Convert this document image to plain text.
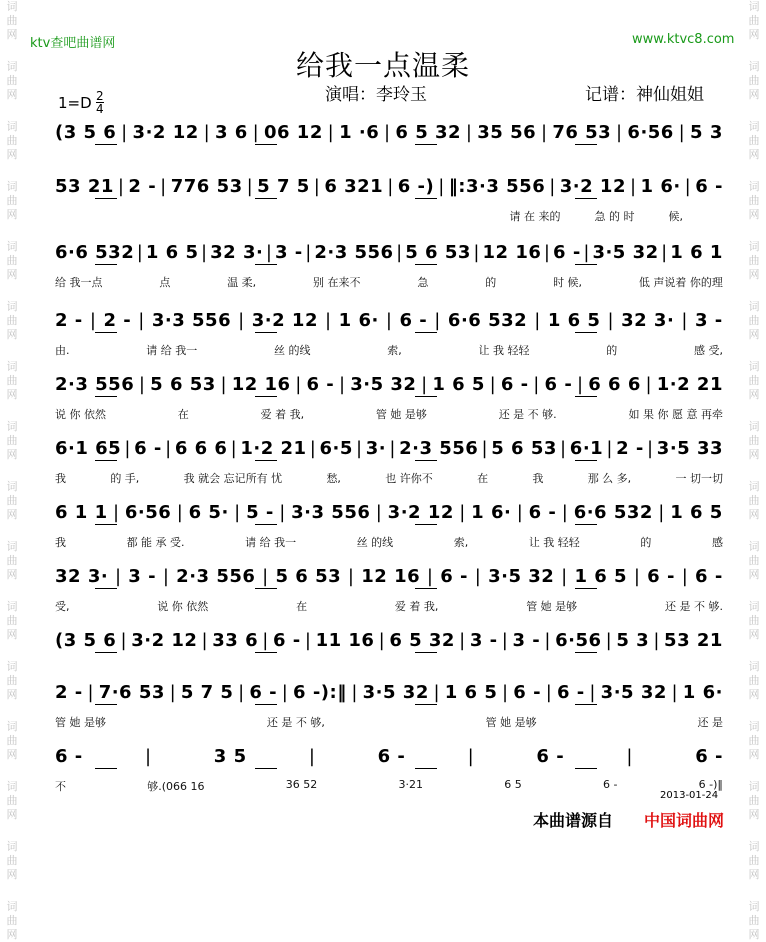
词
曲
网
词
曲
网
词
曲
网
词
曲
网
词
曲
网
词
曲
网
词
曲
网
词
曲
网
词
曲
网
词
曲
网
词
曲
网
词
曲
网
词
曲
网
词
曲
网
词
曲
网
词
曲
网
词
曲
网
词
曲
网
词
曲
网
词
曲
网
词
曲
网
词
曲
网
词
曲
网
词
曲
网
词
曲
网
词
曲
网
词
曲
网
词
曲
网
词
曲
网
词
曲
网
词
曲
网
词
曲
网
ktv查吧曲谱网	www.ktvc8.com
给我一点温柔
演唱：李玲玉	记谱：神仙姐姐
1=D 2
4
(3 5 6 | 3·2 12 | 3 6 | 06 12 | 1 ·6 | 6 5 32 | 35 56 | 76 53 | 6·56 | 5 3
53 21 | 2 - | 776 53 | 5 7 5 | 6 321 | 6 -) | ‖:3·3 556 | 3·2 12 | 1 6· | 6 -
请 在 来的	急 的 时	候,
6·6 532 | 1 6 5 | 32 3· | 3 - | 2·3 556 | 5 6 53 | 12 16 | 6 - | 3·5 32 | 1 6 1
给 我一点	点	温 柔,	别 在来不	急	的	时 候,	低 声说着 你的理
2 - | 2 - | 3·3 556 | 3·2 12 | 1 6· | 6 - | 6·6 532 | 1 6 5 | 32 3· | 3 -
由.	请 给 我一	丝 的线	索,	让 我 轻轻	的	感 受,
2·3 556 | 5 6 53 | 12 16 | 6 - | 3·5 32 | 1 6 5 | 6 - | 6 - | 6 6 6 | 1·2 21
说 你 依然	在	爱 着 我,	管 她 是够	还 是 不 够.	如 果 你 愿 意 再牵
6·1 65 | 6 - | 6 6 6 | 1·2 21 | 6·5 | 3· | 2·3 556 | 5 6 53 | 6·1 | 2 - | 3·5 33
我	的 手,	我 就会 忘记所有 忧	愁,	也 许你不	在	我	那 么 多,	一 切一切
6 1 1 | 6·56 | 6 5· | 5 - | 3·3 556 | 3·2 12 | 1 6· | 6 - | 6·6 532 | 1 6 5
我	都 能 承 受.	请 给 我一	丝 的线	索,	让 我 轻轻	的	感
32 3· | 3 - | 2·3 556 | 5 6 53 | 12 16 | 6 - | 3·5 32 | 1 6 5 | 6 - | 6 -
受,	说 你 依然	在	爱 着 我,	管 她 是够	还 是 不 够.
(3 5 6 | 3·2 12 | 33 6 | 6 - | 11 16 | 6 5 32 | 3 - | 3 - | 6·56 | 5 3 | 53 21
2 - | 7·6 53 | 5 7 5 | 6 - | 6 -):‖ | 3·5 32 | 1 6 5 | 6 - | 6 - | 3·5 32 | 1 6·
管 她 是够	还 是 不 够,	管 她 是够	还 是
6 -	|	3 5	|	6 -	|	6 -	|	6 -
不	够.(066 16	36 52	3·21	6 5	6 -	6 -)‖
2013-01-24
本曲谱源自 中国词曲网
